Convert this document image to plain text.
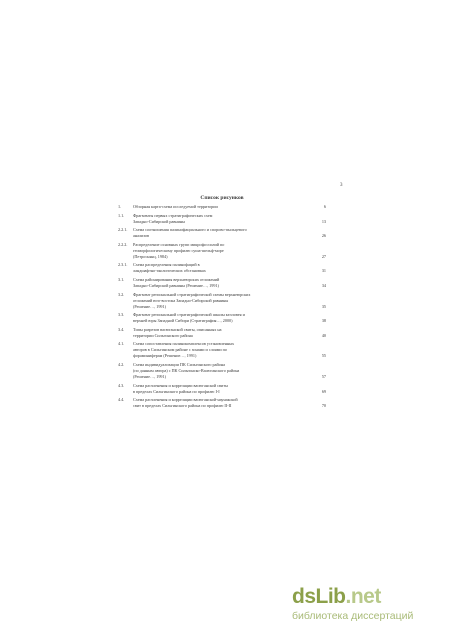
3
Список рисунков
1.	Обзорная карта-схема исследуемой территории	6
1.1.	Фрагменты первых стратиграфических схем
Западно-Сибирской равнины	13
2.2.1.	Схема соотношения палинофациального и спорово-пыльцевого
анализов	26
2.2.2.	Распределение основных групп микрофоссилий по
геоморфологическому профилю суша-шельф-море
(Петросьянц, 1984)	27
2.3.1.	Схема распределения палинофаций в
ландшафтно-экологических обстановках	31
3.1.	Схема районирования верхнеюрских отложений
Западно-Сибирской равнины (Решение…, 1991)	34
3.2.	Фрагмент региональной стратиграфической схемы верхнеюрских
отложений юго-востока Западно-Сибирской равнины
(Решение…, 1991)	35
3.3.	Фрагмент региональной стратиграфической шкалы келловея и
верхней юры Западной Сибири (Стратиграфия…, 2000)	38
3.4.	Типы разрезов васюганской свиты, описанных на
территории Сильгинского района	40
4.1.	Схема сопоставления палинокомплексов установленных
авторов в Сильгинском районе с зонами и слоями по
фораминиферам (Решение…, 1991)	55
4.2.	Схема индивидуализации ПК Сильгинского района
(по данным автора) с ПК Сильгинско-Васюганского района
(Решение…, 1991)	57
4.3.	Схема расчленения и корреляции васюганской свиты
в пределах Сильгинского района по профилю I-I	69
4.4.	Схема расчленения и корреляции васюганской-наунакской
свит в пределах Сильгинского района по профилю II-II	70
dsLib.net
библиотека диссертаций
